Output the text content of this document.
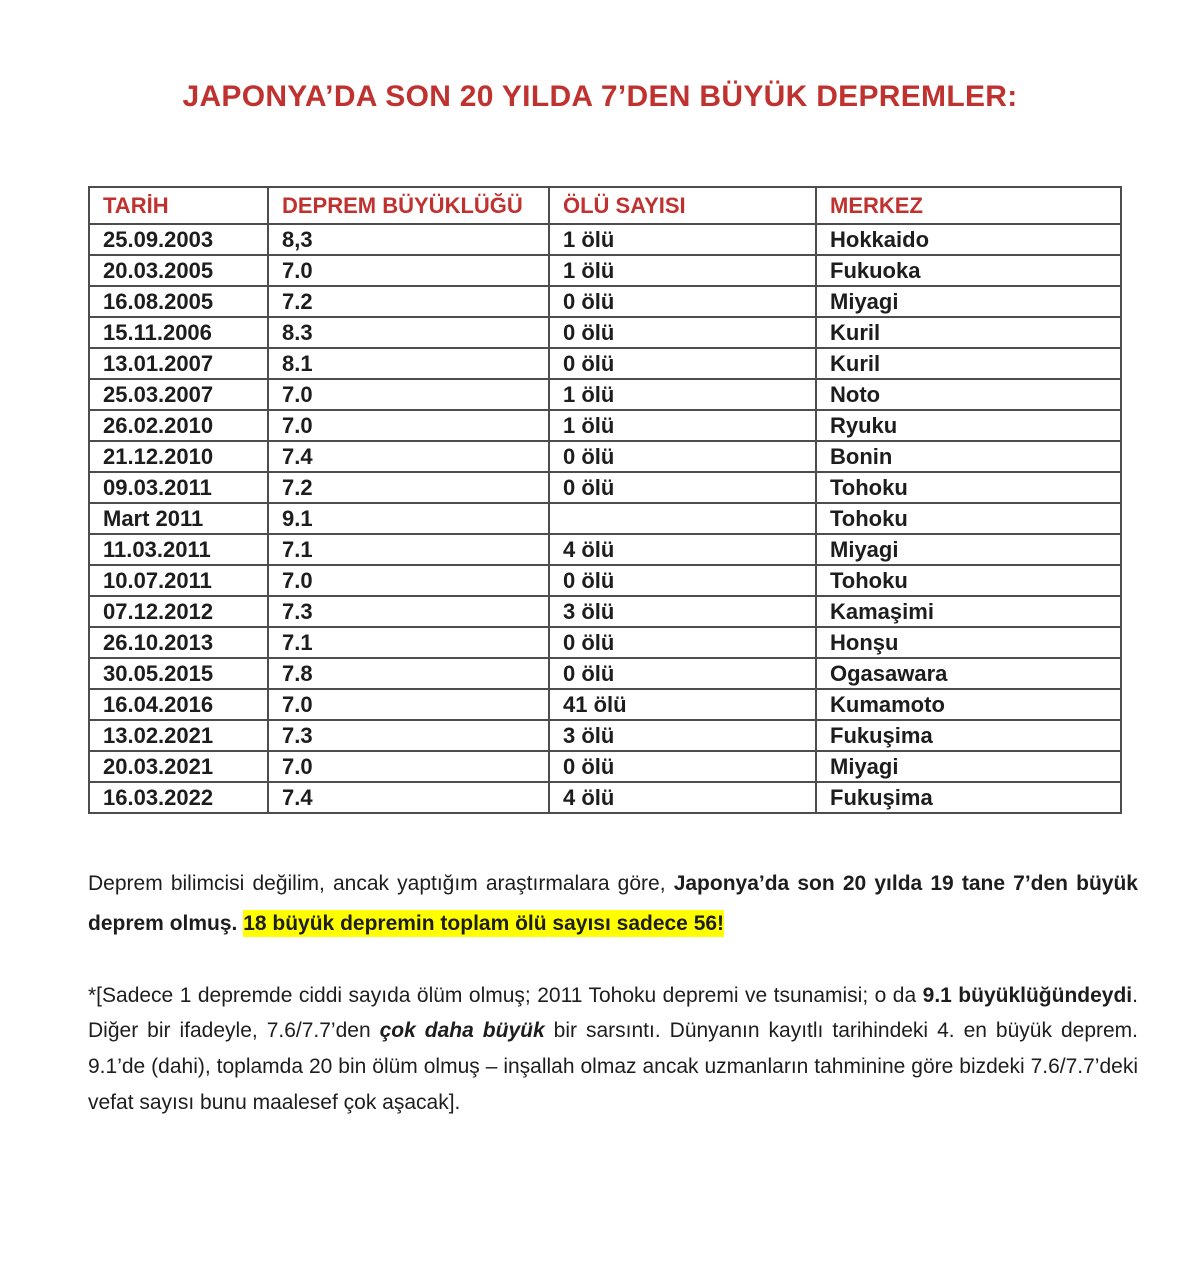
JAPONYA’DA SON 20 YILDA 7’DEN BÜYÜK DEPREMLER:
TARİH	DEPREM BÜYÜKLÜĞÜ	ÖLÜ SAYISI	MERKEZ
25.09.2003	8,3	1 ölü	Hokkaido
20.03.2005	7.0	1 ölü	Fukuoka
16.08.2005	7.2	0 ölü	Miyagi
15.11.2006	8.3	0 ölü	Kuril
13.01.2007	8.1	0 ölü	Kuril
25.03.2007	7.0	1 ölü	Noto
26.02.2010	7.0	1 ölü	Ryuku
21.12.2010	7.4	0 ölü	Bonin
09.03.2011	7.2	0 ölü	Tohoku
Mart 2011	9.1		Tohoku
11.03.2011	7.1	4 ölü	Miyagi
10.07.2011	7.0	0 ölü	Tohoku
07.12.2012	7.3	3 ölü	Kamaşimi
26.10.2013	7.1	0 ölü	Honşu
30.05.2015	7.8	0 ölü	Ogasawara
16.04.2016	7.0	41 ölü	Kumamoto
13.02.2021	7.3	3 ölü	Fukuşima
20.03.2021	7.0	0 ölü	Miyagi
16.03.2022	7.4	4 ölü	Fukuşima

Deprem bilimcisi değilim, ancak yaptığım araştırmalara göre, Japonya’da son 20 yılda 19 tane 7’den büyük deprem olmuş. 18 büyük depremin toplam ölü sayısı sadece 56!

*[Sadece 1 depremde ciddi sayıda ölüm olmuş; 2011 Tohoku depremi ve tsunamisi; o da 9.1 büyüklüğündeydi. Diğer bir ifadeyle, 7.6/7.7’den çok daha büyük bir sarsıntı. Dünyanın kayıtlı tarihindeki 4. en büyük deprem. 9.1’de (dahi), toplamda 20 bin ölüm olmuş – inşallah olmaz ancak uzmanların tahminine göre bizdeki 7.6/7.7’deki vefat sayısı bunu maalesef çok aşacak].
